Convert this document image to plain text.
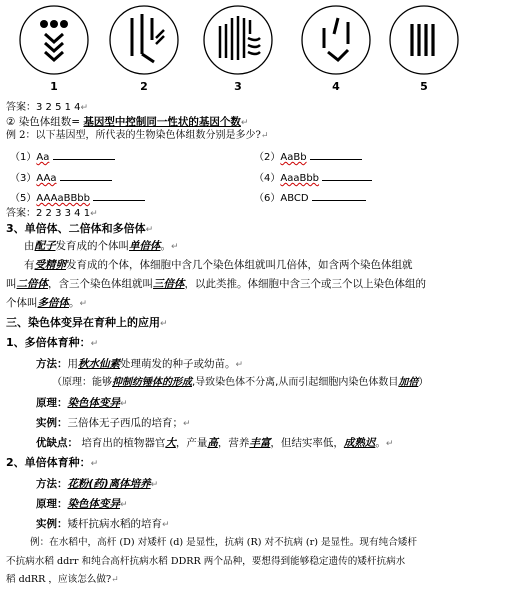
1	2	3	4	5
答案：3 2 5 1 4↵
② 染色体组数= 基因型中控制同一性状的基因个数↵
例 2：以下基因型，所代表的生物染色体组数分别是多少?↵
（1）Aa	（2）AaBb
（3）AAa	（4）AaaBbb
（5）AAAaBBbb	（6）ABCD
答案：2 2 3 3 4 1↵
3、单倍体、二倍体和多倍体↵
由配子发育成的个体叫单倍体。↵
有受精卵发育成的个体，体细胞中含几个染色体组就叫几倍体，如含两个染色体组就
叫二倍体，含三个染色体组就叫三倍体，以此类推。体细胞中含三个或三个以上染色体组的
个体叫多倍体。↵
三、染色体变异在育种上的应用↵
1、多倍体育种：↵
方法：用秋水仙素处理萌发的种子或幼苗。↵
（原理：能够抑制纺锤体的形成,导致染色体不分离,从而引起细胞内染色体数目加倍）
原理：染色体变异↵
实例：三倍体无子西瓜的培育；↵
优缺点： 培育出的植物器官大，产量高，营养丰富，但结实率低，成熟迟。↵
2、单倍体育种：↵
方法：花粉(药)离体培养↵
原理：染色体变异↵
实例：矮杆抗病水稻的培育↵
例：在水稻中，高杆 (D) 对矮杆 (d) 是显性，抗病 (R) 对不抗病 (r) 是显性。现有纯合矮杆
不抗病水稻 ddrr 和纯合高杆抗病水稻 DDRR 两个品种，要想得到能够稳定遗传的矮杆抗病水
稻 ddRR ，应该怎么做?↵
